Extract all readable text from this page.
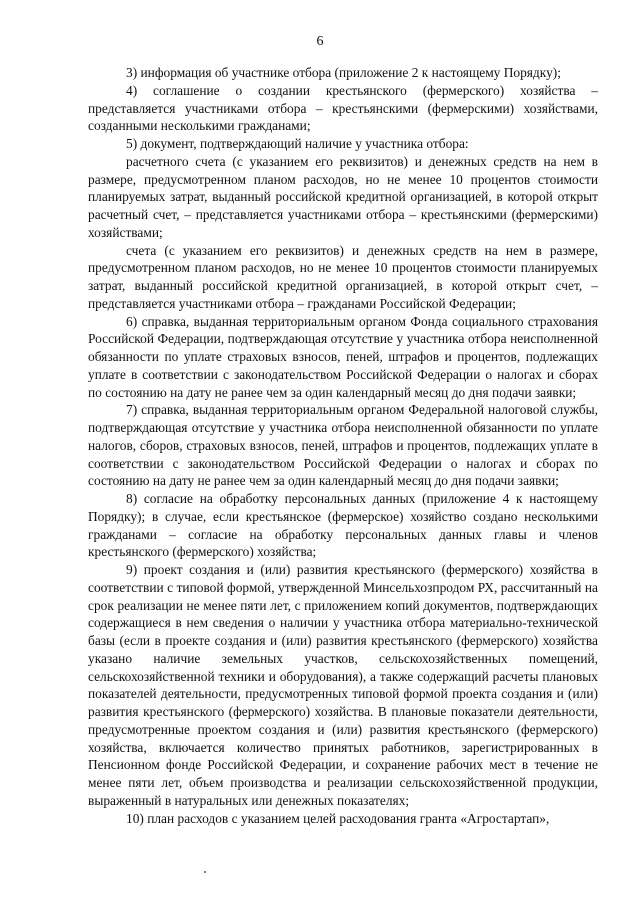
6

3) информация об участнике отбора (приложение 2 к настоящему Порядку);

4) соглашение о создании крестьянского (фермерского) хозяйства – представляется участниками отбора – крестьянскими (фермерскими) хозяйствами, созданными несколькими гражданами;

5) документ, подтверждающий наличие у участника отбора:

расчетного счета (с указанием его реквизитов) и денежных средств на нем в размере, предусмотренном планом расходов, но не менее 10 процентов стоимости планируемых затрат, выданный российской кредитной организацией, в которой открыт расчетный счет, – представляется участниками отбора – крестьянскими (фермерскими) хозяйствами;

счета (с указанием его реквизитов) и денежных средств на нем в размере, предусмотренном планом расходов, но не менее 10 процентов стоимости планируемых затрат, выданный российской кредитной организацией, в которой открыт счет, – представляется участниками отбора – гражданами Российской Федерации;

6) справка, выданная территориальным органом Фонда социального страхования Российской Федерации, подтверждающая отсутствие у участника отбора неисполненной обязанности по уплате страховых взносов, пеней, штрафов и процентов, подлежащих уплате в соответствии с законодательством Российской Федерации о налогах и сборах по состоянию на дату не ранее чем за один календарный месяц до дня подачи заявки;

7) справка, выданная территориальным органом Федеральной налоговой службы, подтверждающая отсутствие у участника отбора неисполненной обязанности по уплате налогов, сборов, страховых взносов, пеней, штрафов и процентов, подлежащих уплате в соответствии с законодательством Российской Федерации о налогах и сборах по состоянию на дату не ранее чем за один календарный месяц до дня подачи заявки;

8) согласие на обработку персональных данных (приложение 4 к настоящему Порядку); в случае, если крестьянское (фермерское) хозяйство создано несколькими гражданами – согласие на обработку персональных данных главы и членов крестьянского (фермерского) хозяйства;

9) проект создания и (или) развития крестьянского (фермерского) хозяйства в соответствии с типовой формой, утвержденной Минсельхозпродом РХ, рассчитанный на срок реализации не менее пяти лет, с приложением копий документов, подтверждающих содержащиеся в нем сведения о наличии у участника отбора материально-технической базы (если в проекте создания и (или) развития крестьянского (фермерского) хозяйства указано наличие земельных участков, сельскохозяйственных помещений, сельскохозяйственной техники и оборудования), а также содержащий расчеты плановых показателей деятельности, предусмотренных типовой формой проекта создания и (или) развития крестьянского (фермерского) хозяйства. В плановые показатели деятельности, предусмотренные проектом создания и (или) развития крестьянского (фермерского) хозяйства, включается количество принятых работников, зарегистрированных в Пенсионном фонде Российской Федерации, и сохранение рабочих мест в течение не менее пяти лет, объем производства и реализации сельскохозяйственной продукции, выраженный в натуральных или денежных показателях;

10) план расходов с указанием целей расходования гранта «Агростартап»,
